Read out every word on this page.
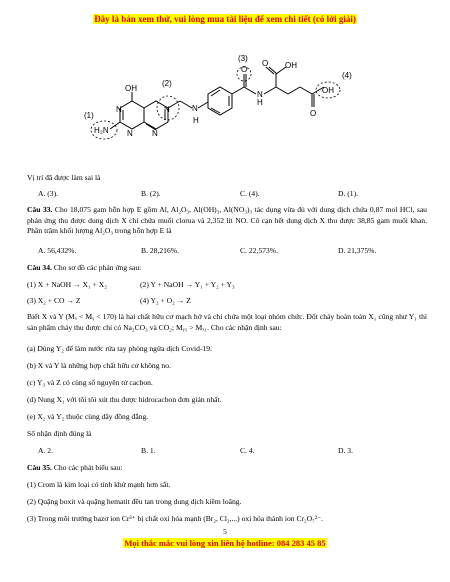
Đây là bản xem thử, vui lòng mua tài liệu để xem chi tiết (có lời giải)
(1)
(2)
(3)
(4)
OH
N	N
N N
H₂N
H
N
H
O	OH
O
OH
O
N
Vị trí đã được làm sai là
A. (3).	B. (2).	C. (4).	D. (1).
Câu 33. Cho 18,075 gam hỗn hợp E gồm Al, Al₂O₃, Al(OH)₃, Al(NO₃)₃ tác dụng vừa đủ với dung dịch chứa 0,87 mol HCl, sau phản ứng thu được dung dịch X chỉ chứa muối clorua và 2,352 lít NO. Cô cạn hết dung dịch X thu được 38,85 gam muối khan. Phần trăm khối lượng Al₂O₃ trong hỗn hợp E là
A. 56,432%.	B. 28,216%.	C. 22,573%.	D. 21,375%.
Câu 34. Cho sơ đồ các phản ứng sau:
(1) X + NaOH → X₁ + X₂	(2) Y + NaOH → Y₁ + Y₂ + Y₃
(3) X₂ + CO → Z	(4) Y₂ + O₂ → Z
Biết X và Y (Mₓ < Mᵧ < 170) là hai chất hữu cơ mạch hở và chỉ chứa một loại nhóm chức. Đốt cháy hoàn toàn X₁ cũng như Y₁ thì sản phẩm cháy thu được chỉ có Na₂CO₃ và CO₂; Mᵧ₁ > Mₓ₁. Cho các nhận định sau:
(a) Dùng Y₂ để làm nước rửa tay phòng ngừa dịch Covid-19.
(b) X và Y là những hợp chất hữu cơ không no.
(c) Y₃ và Z có cùng số nguyên tử cacbon.
(d) Nung X₁ với tôi tôi xút thu được hidrocacbon đơn giản nhất.
(e) X₂ và Y₂ thuộc cùng dãy đồng đẳng.
Số nhận định đúng là
A. 2.	B. 1.	C. 4.	D. 3.
Câu 35. Cho các phát biểu sau:
(1) Crom là kim loại có tính khử mạnh hơn sắt.
(2) Quặng boxit và quặng hematit đều tan trong dung dịch kiềm loãng.
(3) Trong môi trường bazơ ion Cr³⁺ bị chất oxi hóa mạnh (Br₂, Cl₂,...) oxi hóa thành ion Cr₂O₇²⁻.
5
Mọi thắc mắc vui lòng xin liên hệ hotline: 084 283 45 85
